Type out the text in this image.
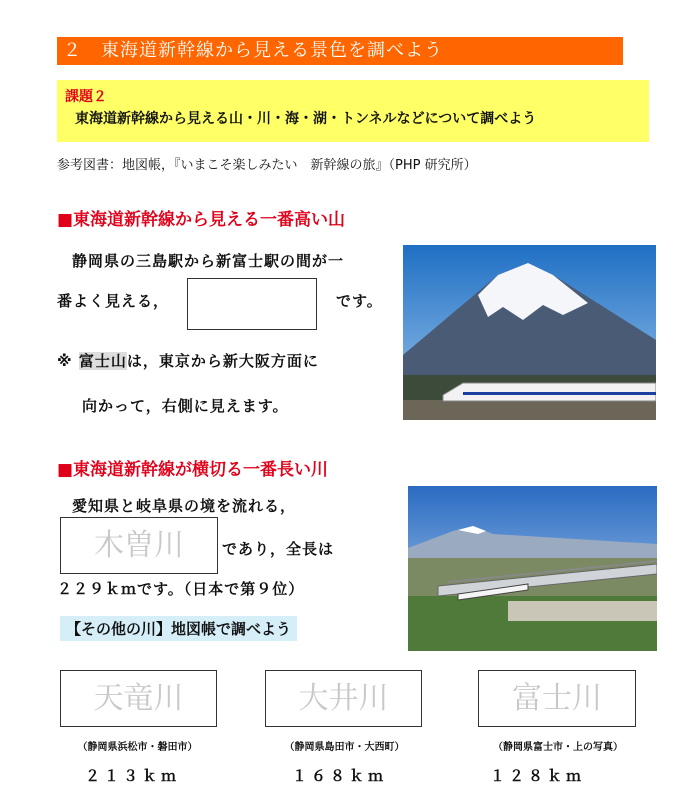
２　東海道新幹線から見える景色を調べよう
課題２
東海道新幹線から見える山・川・海・湖・トンネルなどについて調べよう
参考図書：地図帳，『いまこそ楽しみたい　新幹線の旅』（PHP 研究所）
■東海道新幹線から見える一番高い山
静岡県の三島駅から新富士駅の間が一
番よく見える，	です。
※ 富士山は，東京から新大阪方面に
向かって，右側に見えます。
■東海道新幹線が横切る一番長い川
愛知県と岐阜県の境を流れる，
木曽川	であり，全長は
２２９ｋｍです。（日本で第９位）
【その他の川】地図帳で調べよう
天竜川	大井川	富士川
（静岡県浜松市・磐田市）	（静岡県島田市・大西町）	（静岡県富士市・上の写真）
２１３ｋｍ	１６８ｋｍ	１２８ｋｍ
